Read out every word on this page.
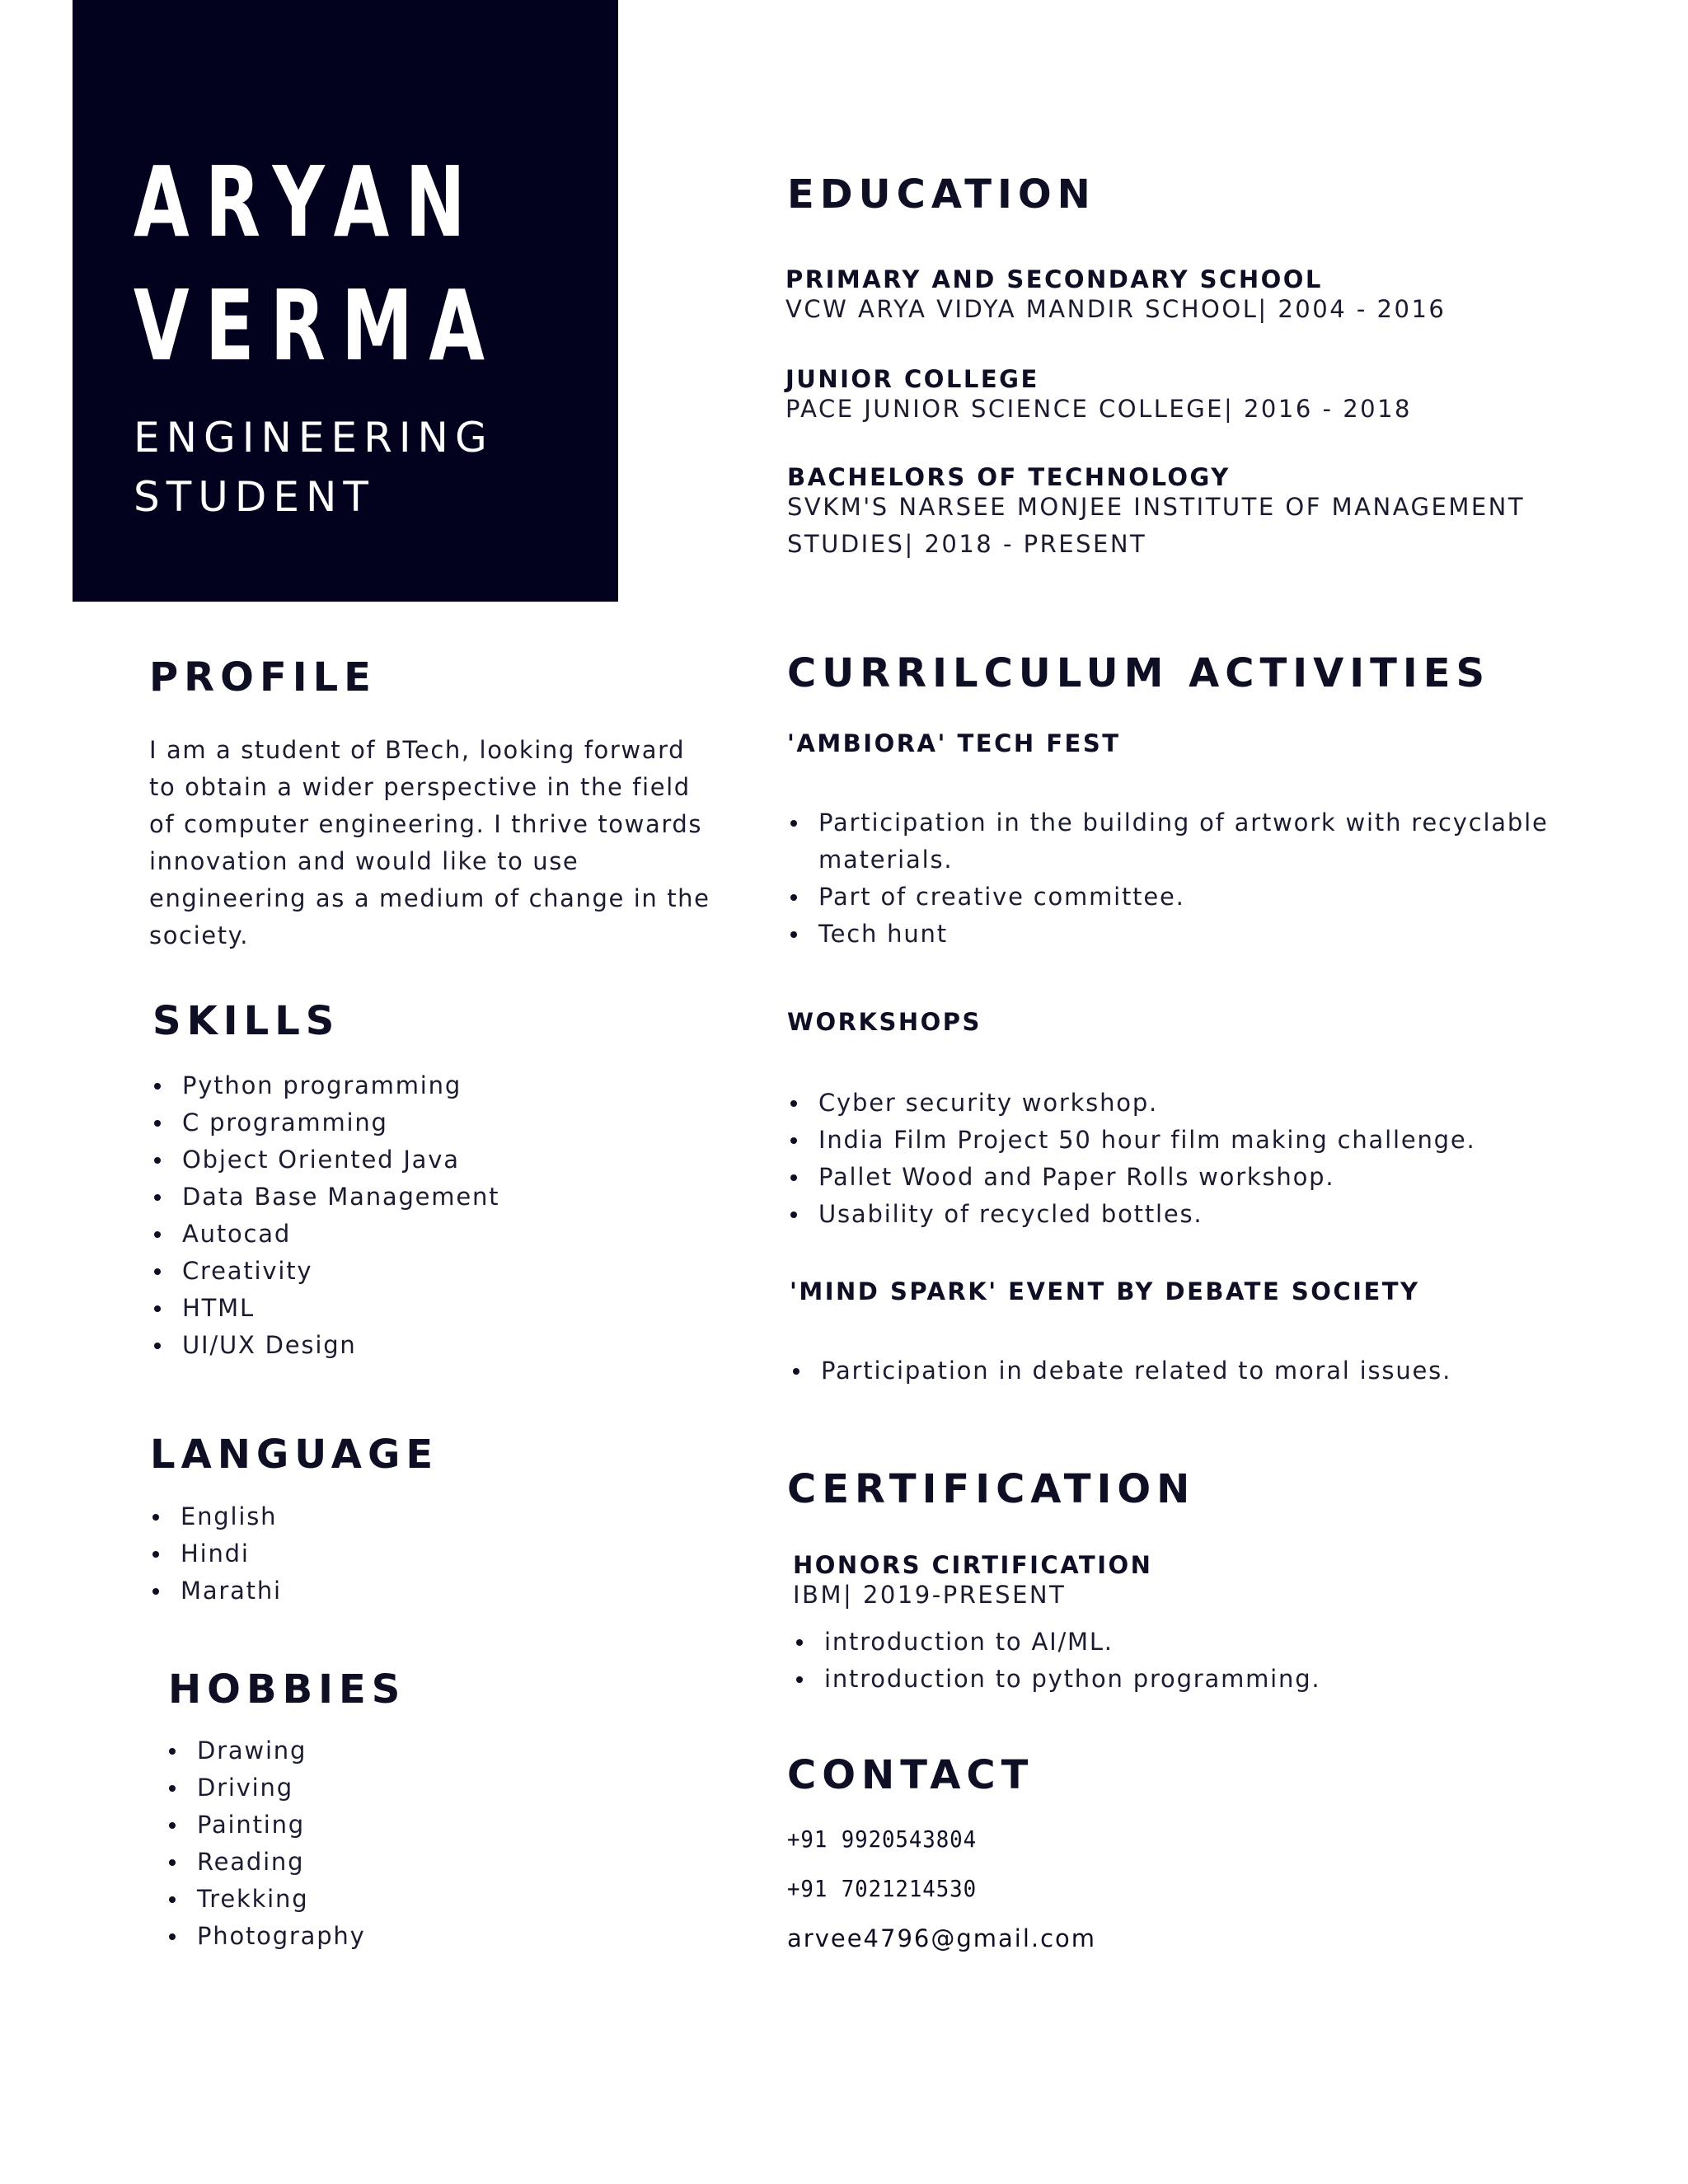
ARYAN
VERMA

ENGINEERING

STUDENT

EDUCATION

PRIMARY AND SECONDARY SCHOOL

VCW ARYA VIDYA MANDIR SCHOOL| 2004 - 2016

JUNIOR COLLEGE

PACE JUNIOR SCIENCE COLLEGE| 2016 - 2018

BACHELORS OF TECHNOLOGY

SVKM'S NARSEE MONJEE INSTITUTE OF MANAGEMENT

STUDIES| 2018 - PRESENT

PROFILE

I am a student of BTech, looking forward

to obtain a wider perspective in the field

of computer engineering. I thrive towards

innovation and would like to use

engineering as a medium of change in the

society.

SKILLS
Python programming
C programming
Object Oriented Java
Data Base Management
Autocad
Creativity
HTML
UI/UX Design
LANGUAGE
English
Hindi
Marathi
HOBBIES
Drawing
Driving
Painting
Reading
Trekking
Photography
CURRILCULUM ACTIVITIES

'AMBIORA' TECH FEST

Participation in the building of artwork with recyclable materials.
Part of creative committee.
Tech hunt

WORKSHOPS

Cyber security workshop.
India Film Project 50 hour film making challenge.
Pallet Wood and Paper Rolls workshop.
Usability of recycled bottles.

'MIND SPARK' EVENT BY DEBATE SOCIETY

Participation in debate related to moral issues.
CERTIFICATION

HONORS CIRTIFICATION

IBM| 2019-PRESENT

introduction to AI/ML.
introduction to python programming.
CONTACT

+91 9920543804

+91 7021214530

arvee4796@gmail.com
